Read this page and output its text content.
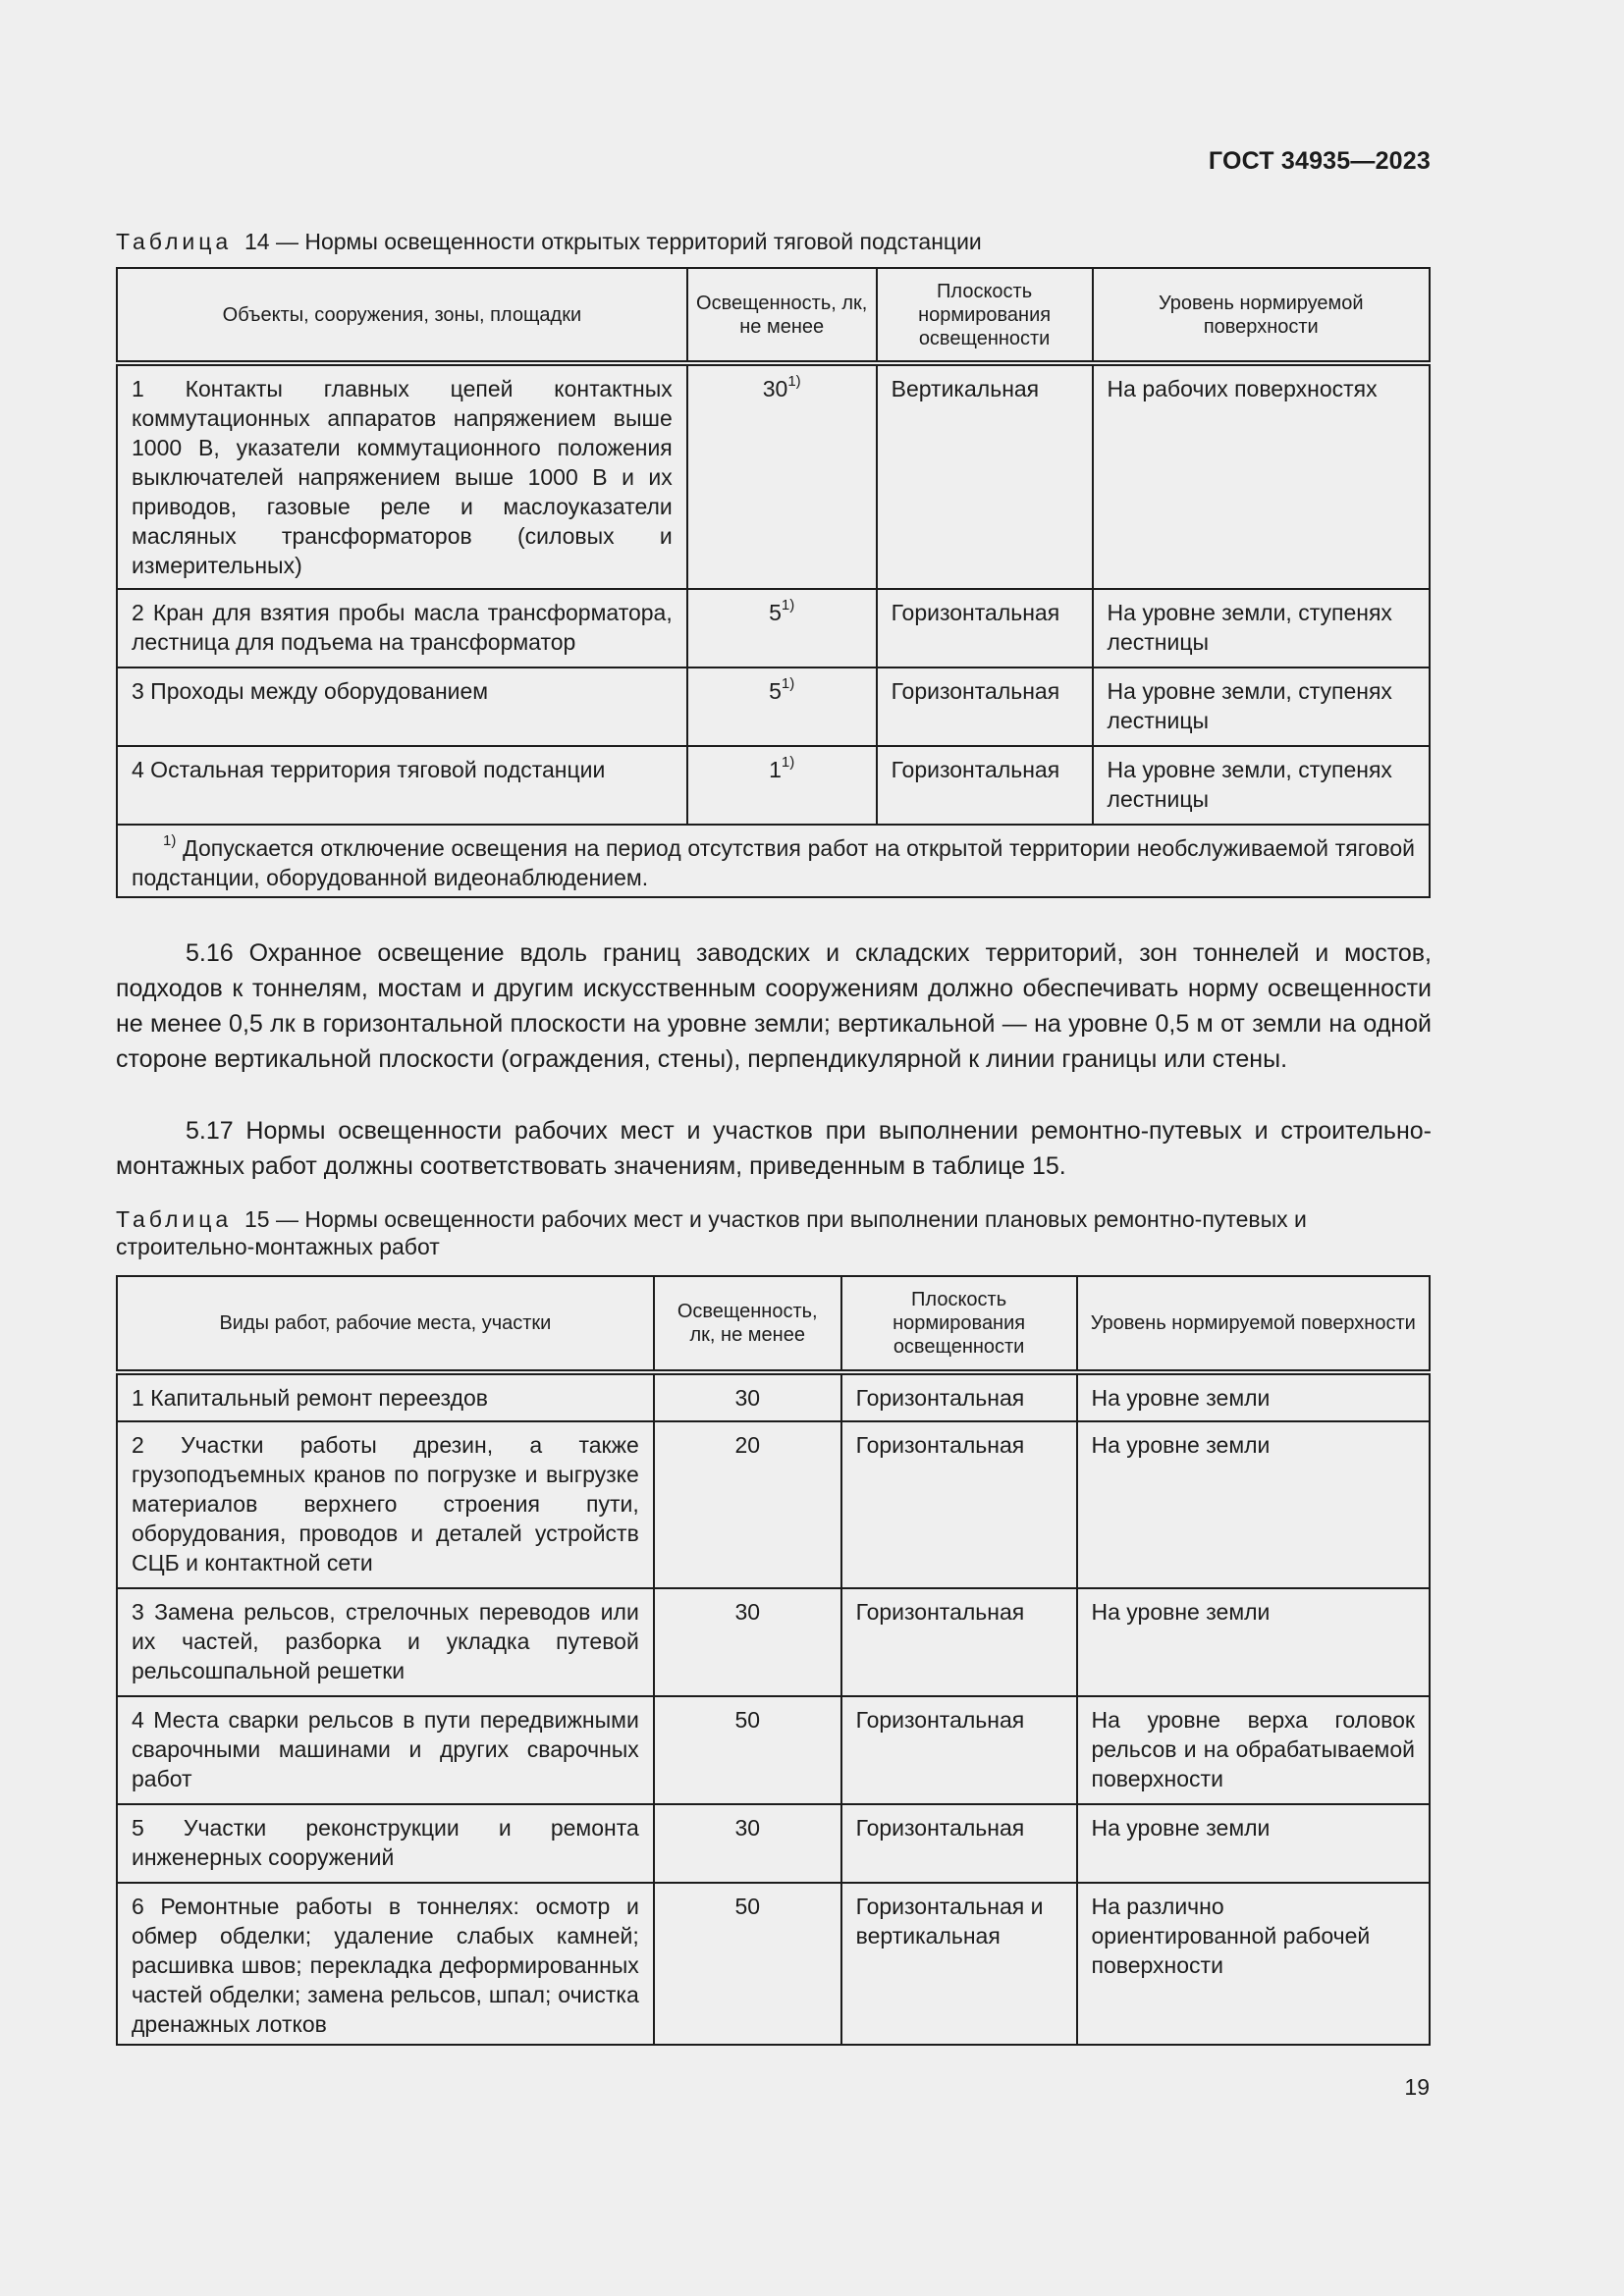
ГОСТ 34935—2023
Таблица 14 — Нормы освещенности открытых территорий тяговой подстанции
Объекты, сооружения, зоны, площадки	Освещенность, лк, не менее	Плоскость нормирования освещенности	Уровень нормируемой поверхности
1 Контакты главных цепей контактных коммутационных аппаратов напряжением выше 1000 В, указатели коммутационного положения выключателей напряжением выше 1000 В и их приводов, газовые реле и маслоуказатели масляных трансформаторов (силовых и измерительных)	30$^{1)}$	Вертикальная	На рабочих поверхностях
2 Кран для взятия пробы масла трансформатора, лестница для подъема на трансформатор	5$^{1)}$	Горизонтальная	На уровне земли, ступенях лестницы
3 Проходы между оборудованием	5$^{1)}$	Горизонтальная	На уровне земли, ступенях лестницы
4 Остальная территория тяговой подстанции	1$^{1)}$	Горизонтальная	На уровне земли, ступенях лестницы
$^{1)}$ Допускается отключение освещения на период отсутствия работ на открытой территории необслуживаемой тяговой подстанции, оборудованной видеонаблюдением.			

5.16 Охранное освещение вдоль границ заводских и складских территорий, зон тоннелей и мостов, подходов к тоннелям, мостам и другим искусственным сооружениям должно обеспечивать норму освещенности не менее 0,5 лк в горизонтальной плоскости на уровне земли; вертикальной — на уровне 0,5 м от земли на одной стороне вертикальной плоскости (ограждения, стены), перпендикулярной к линии границы или стены.

5.17 Нормы освещенности рабочих мест и участков при выполнении ремонтно-путевых и строительно-монтажных работ должны соответствовать значениям, приведенным в таблице 15.

Таблица 15 — Нормы освещенности рабочих мест и участков при выполнении плановых ремонтно-путевых и строительно-монтажных работ
Виды работ, рабочие места, участки	Освещенность, лк, не менее	Плоскость нормирования освещенности	Уровень нормируемой поверхности
1 Капитальный ремонт переездов	30	Горизонтальная	На уровне земли
2 Участки работы дрезин, а также грузоподъемных кранов по погрузке и выгрузке материалов верхнего строения пути, оборудования, проводов и деталей устройств СЦБ и контактной сети	20	Горизонтальная	На уровне земли
3 Замена рельсов, стрелочных переводов или их частей, разборка и укладка путевой рельсошпальной решетки	30	Горизонтальная	На уровне земли
4 Места сварки рельсов в пути передвижными сварочными машинами и других сварочных работ	50	Горизонтальная	На уровне верха головок рельсов и на обрабатываемой поверхности
5 Участки реконструкции и ремонта инженерных сооружений	30	Горизонтальная	На уровне земли
6 Ремонтные работы в тоннелях: осмотр и обмер обделки; удаление слабых камней; расшивка швов; перекладка деформированных частей обделки; замена рельсов, шпал; очистка дренажных лотков	50	Горизонтальная и вертикальная	На различно ориентированной рабочей поверхности
19
